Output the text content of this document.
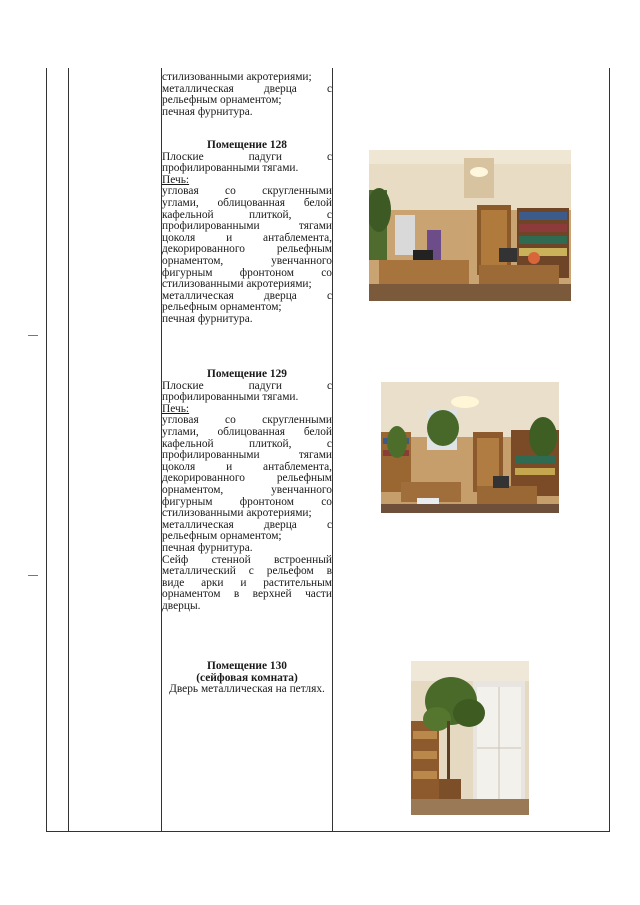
стилизованными акротериями;

металлическая дверца с

рельефным орнаментом;

печная фурнитура.

Помещение 128

Плоские падуги с

профилированными тягами.

Печь:

угловая со скругленными

углами, облицованная белой

кафельной плиткой, с

профилированными тягами

цоколя и антаблемента,

декорированного рельефным

орнаментом, увенчанного

фигурным фронтоном со

стилизованными акротериями;

металлическая дверца с

рельефным орнаментом;

печная фурнитура.

Помещение 129

Плоские падуги с

профилированными тягами.

Печь:

угловая со скругленными

углами, облицованная белой

кафельной плиткой, с

профилированными тягами

цоколя и антаблемента,

декорированного рельефным

орнаментом, увенчанного

фигурным фронтоном со

стилизованными акротериями;

металлическая дверца с

рельефным орнаментом;

печная фурнитура.

Сейф стенной встроенный

металлический с рельефом в

виде арки и растительным

орнаментом в верхней части

дверцы.

Помещение 130

(сейфовая комната)

Дверь металлическая на петлях.
